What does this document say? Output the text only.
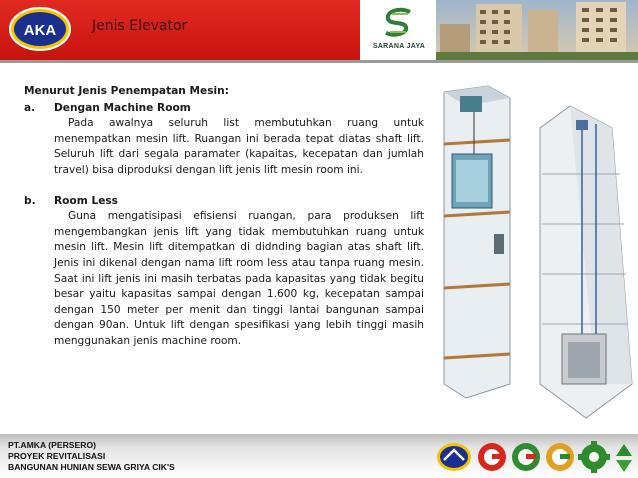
AKA	Jenis Elevator
SARANA JAYA
Menurut Jenis Penempatan Mesin:
a.	Dengan Machine Room

Pada awalnya seluruh list membutuhkan ruang untuk menempatkan mesin lift. Ruangan ini berada tepat diatas shaft lift. Seluruh lift dari segala paramater (kapaitas, kecepatan dan jumlah travel) bisa diproduksi dengan lift jenis lift mesin room ini.

b.	Room Less

Guna mengatisipasi efisiensi ruangan, para produksen lift mengembangkan jenis lift yang tidak membutuhkan ruang untuk mesin lift. Mesin lift ditempatkan di didnding bagian atas shaft lift. Jenis ini dikenal dengan nama lift room less atau tanpa ruang mesin. Saat ini lift jenis ini masih terbatas pada kapasitas yang tidak begitu besar yaitu kapasitas sampai dengan 1.600 kg, kecepatan sampai dengan 150 meter per menit dan tinggi lantai bangunan sampai dengan 90an. Untuk lift dengan spesifikasi yang lebih tinggi masih menggunakan jenis machine room.

PT.AMKA (PERSERO)
PROYEK REVITALISASI
BANGUNAN HUNIAN SEWA GRIYA CIK'S
